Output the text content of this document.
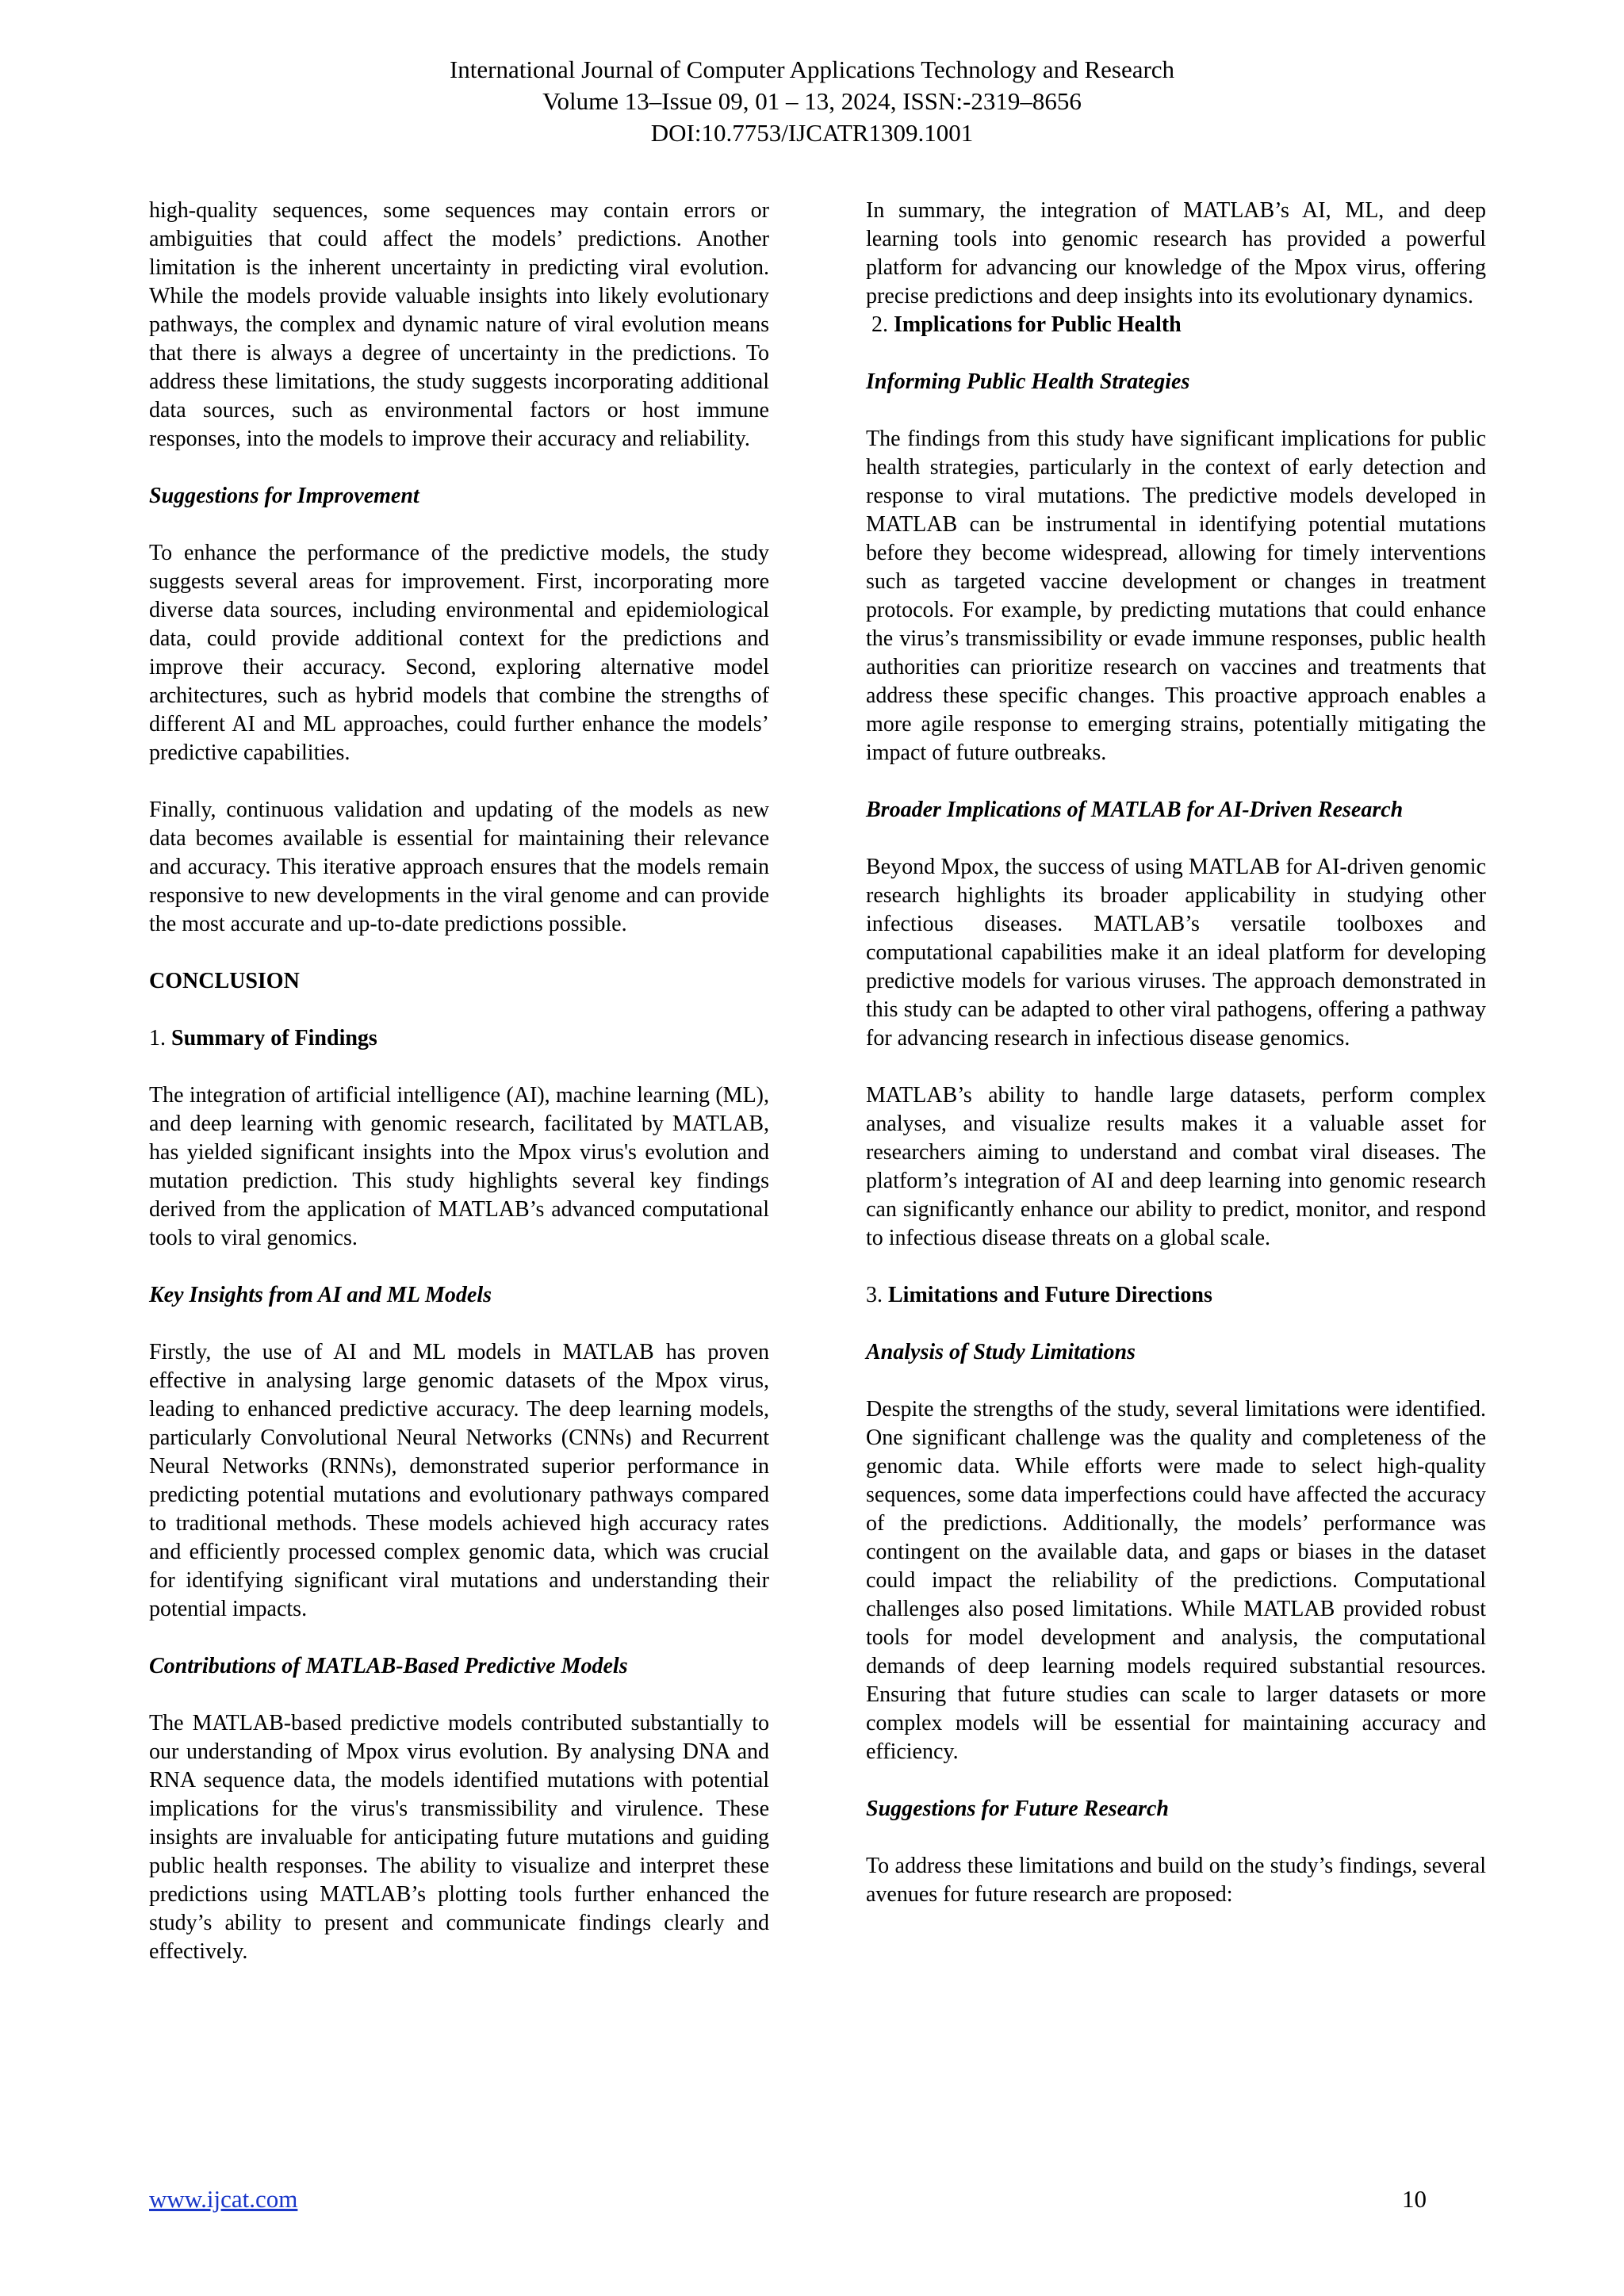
International Journal of Computer Applications Technology and Research
Volume 13–Issue 09, 01 – 13, 2024, ISSN:-2319–8656
DOI:10.7753/IJCATR1309.1001

high-quality sequences, some sequences may contain errors or ambiguities that could affect the models’ predictions. Another limitation is the inherent uncertainty in predicting viral evolution. While the models provide valuable insights into likely evolutionary pathways, the complex and dynamic nature of viral evolution means that there is always a degree of uncertainty in the predictions. To address these limitations, the study suggests incorporating additional data sources, such as environmental factors or host immune responses, into the models to improve their accuracy and reliability.

Suggestions for Improvement

To enhance the performance of the predictive models, the study suggests several areas for improvement. First, incorporating more diverse data sources, including environmental and epidemiological data, could provide additional context for the predictions and improve their accuracy. Second, exploring alternative model architectures, such as hybrid models that combine the strengths of different AI and ML approaches, could further enhance the models’ predictive capabilities.

Finally, continuous validation and updating of the models as new data becomes available is essential for maintaining their relevance and accuracy. This iterative approach ensures that the models remain responsive to new developments in the viral genome and can provide the most accurate and up-to-date predictions possible.

CONCLUSION

1. Summary of Findings

The integration of artificial intelligence (AI), machine learning (ML), and deep learning with genomic research, facilitated by MATLAB, has yielded significant insights into the Mpox virus's evolution and mutation prediction. This study highlights several key findings derived from the application of MATLAB’s advanced computational tools to viral genomics.

Key Insights from AI and ML Models

Firstly, the use of AI and ML models in MATLAB has proven effective in analysing large genomic datasets of the Mpox virus, leading to enhanced predictive accuracy. The deep learning models, particularly Convolutional Neural Networks (CNNs) and Recurrent Neural Networks (RNNs), demonstrated superior performance in predicting potential mutations and evolutionary pathways compared to traditional methods. These models achieved high accuracy rates and efficiently processed complex genomic data, which was crucial for identifying significant viral mutations and understanding their potential impacts.

Contributions of MATLAB-Based Predictive Models

The MATLAB-based predictive models contributed substantially to our understanding of Mpox virus evolution. By analysing DNA and RNA sequence data, the models identified mutations with potential implications for the virus's transmissibility and virulence. These insights are invaluable for anticipating future mutations and guiding public health responses. The ability to visualize and interpret these predictions using MATLAB’s plotting tools further enhanced the study’s ability to present and communicate findings clearly and effectively.

In summary, the integration of MATLAB’s AI, ML, and deep learning tools into genomic research has provided a powerful platform for advancing our knowledge of the Mpox virus, offering precise predictions and deep insights into its evolutionary dynamics.

2. Implications for Public Health

Informing Public Health Strategies

The findings from this study have significant implications for public health strategies, particularly in the context of early detection and response to viral mutations. The predictive models developed in MATLAB can be instrumental in identifying potential mutations before they become widespread, allowing for timely interventions such as targeted vaccine development or changes in treatment protocols. For example, by predicting mutations that could enhance the virus’s transmissibility or evade immune responses, public health authorities can prioritize research on vaccines and treatments that address these specific changes. This proactive approach enables a more agile response to emerging strains, potentially mitigating the impact of future outbreaks.

Broader Implications of MATLAB for AI-Driven Research

Beyond Mpox, the success of using MATLAB for AI-driven genomic research highlights its broader applicability in studying other infectious diseases. MATLAB’s versatile toolboxes and computational capabilities make it an ideal platform for developing predictive models for various viruses. The approach demonstrated in this study can be adapted to other viral pathogens, offering a pathway for advancing research in infectious disease genomics.

MATLAB’s ability to handle large datasets, perform complex analyses, and visualize results makes it a valuable asset for researchers aiming to understand and combat viral diseases. The platform’s integration of AI and deep learning into genomic research can significantly enhance our ability to predict, monitor, and respond to infectious disease threats on a global scale.

3. Limitations and Future Directions

Analysis of Study Limitations

Despite the strengths of the study, several limitations were identified. One significant challenge was the quality and completeness of the genomic data. While efforts were made to select high-quality sequences, some data imperfections could have affected the accuracy of the predictions. Additionally, the models’ performance was contingent on the available data, and gaps or biases in the dataset could impact the reliability of the predictions. Computational challenges also posed limitations. While MATLAB provided robust tools for model development and analysis, the computational demands of deep learning models required substantial resources. Ensuring that future studies can scale to larger datasets or more complex models will be essential for maintaining accuracy and efficiency.

Suggestions for Future Research

To address these limitations and build on the study’s findings, several avenues for future research are proposed:

www.ijcat.com	10
